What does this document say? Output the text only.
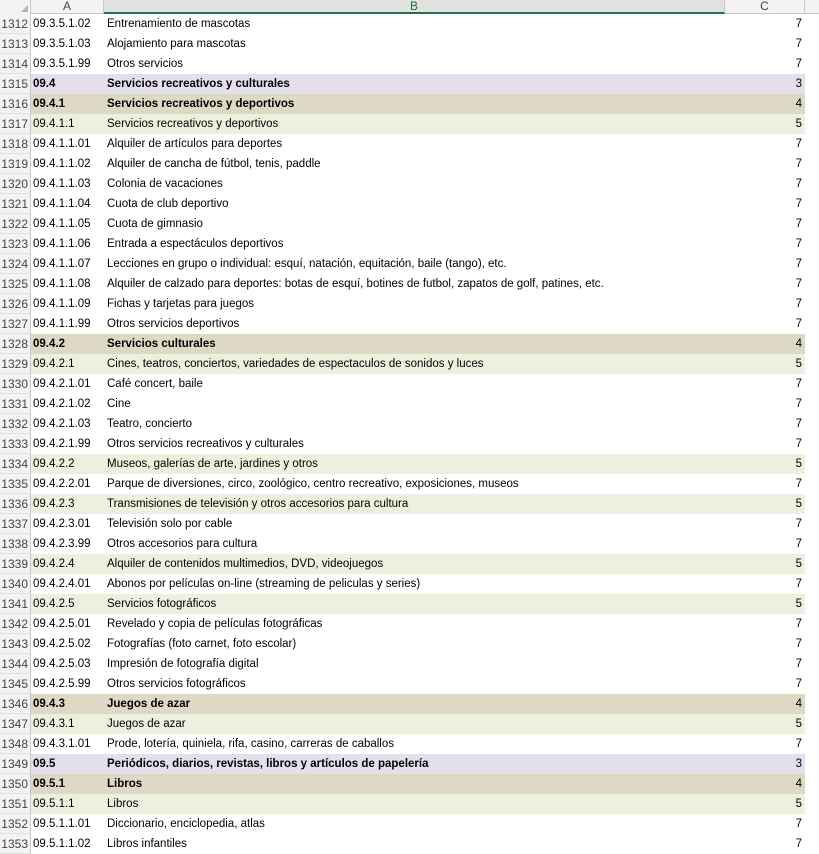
A	B	C
1312 09.3.5.1.02	Entrenamiento de mascotas	7
1313 09.3.5.1.03	Alojamiento para mascotas	7
1314 09.3.5.1.99	Otros servicios	7
1315 09.4	Servicios recreativos y culturales	3
1316 09.4.1	Servicios recreativos y deportivos	4
1317 09.4.1.1	Servicios recreativos y deportivos	5
1318 09.4.1.1.01	Alquiler de artículos para deportes	7
1319 09.4.1.1.02	Alquiler de cancha de fútbol, tenis, paddle	7
1320 09.4.1.1.03	Colonia de vacaciones	7
1321 09.4.1.1.04	Cuota de club deportivo	7
1322 09.4.1.1.05	Cuota de gimnasio	7
1323 09.4.1.1.06	Entrada a espectáculos deportivos	7
1324 09.4.1.1.07	Lecciones en grupo o individual: esquí, natación, equitación, baile (tango), etc.	7
1325 09.4.1.1.08	Alquiler de calzado para deportes: botas de esquí, botines de futbol, zapatos de golf, patines, etc.	7
1326 09.4.1.1.09	Fichas y tarjetas para juegos	7
1327 09.4.1.1.99	Otros servicios deportivos	7
1328 09.4.2	Servicios culturales	4
1329 09.4.2.1	Cines, teatros, conciertos, variedades de espectaculos de sonidos y luces	5
1330 09.4.2.1.01	Café concert, baile	7
1331 09.4.2.1.02	Cine	7
1332 09.4.2.1.03	Teatro, concierto	7
1333 09.4.2.1.99	Otros servicios recreativos y culturales	7
1334 09.4.2.2	Museos, galerías de arte, jardines y otros	5
1335 09.4.2.2.01	Parque de diversiones, circo, zoológico, centro recreativo, exposiciones, museos	7
1336 09.4.2.3	Transmisiones de televisión y otros accesorios para cultura	5
1337 09.4.2.3.01	Televisión solo por cable	7
1338 09.4.2.3.99	Otros accesorios para cultura	7
1339 09.4.2.4	Alquiler de contenidos multimedios, DVD, videojuegos	5
1340 09.4.2.4.01	Abonos por películas on-line (streaming de peliculas y series)	7
1341 09.4.2.5	Servicios fotográficos	5
1342 09.4.2.5.01	Revelado y copia de películas fotográficas	7
1343 09.4.2.5.02	Fotografías (foto carnet, foto escolar)	7
1344 09.4.2.5.03	Impresión de fotografía digital	7
1345 09.4.2.5.99	Otros servicios fotográficos	7
1346 09.4.3	Juegos de azar	4
1347 09.4.3.1	Juegos de azar	5
1348 09.4.3.1.01	Prode, lotería, quiniela, rifa, casino, carreras de caballos	7
1349 09.5	Periódicos, diarios, revistas, libros y artículos de papelería	3
1350 09.5.1	Libros	4
1351 09.5.1.1	Libros	5
1352 09.5.1.1.01	Diccionario, enciclopedia, atlas	7
1353 09.5.1.1.02	Libros infantiles	7
